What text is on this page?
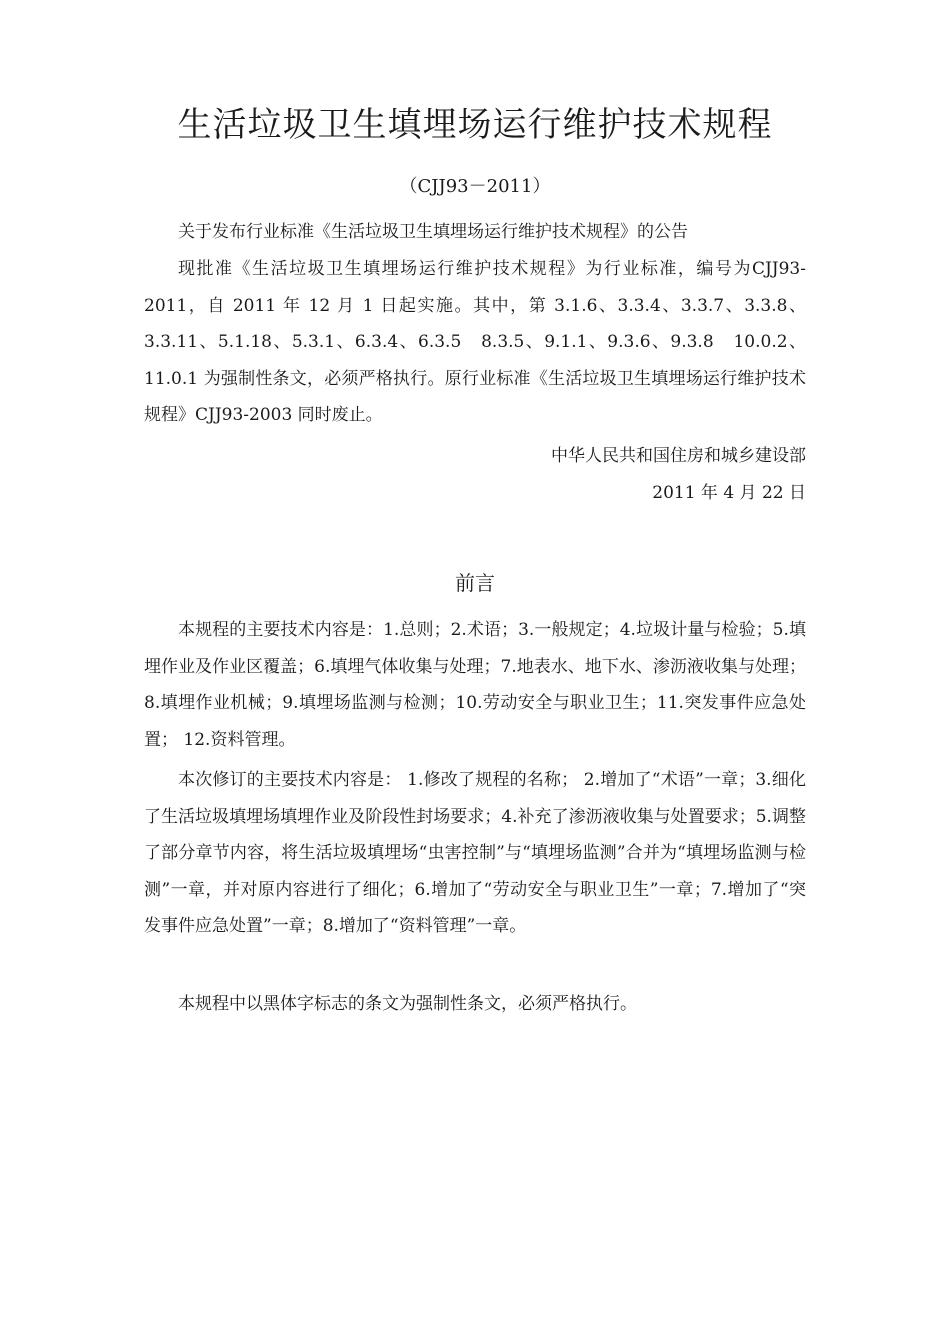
生活垃圾卫生填埋场运行维护技术规程
（CJJ93－2011）

关于发布行业标准《生活垃圾卫生填埋场运行维护技术规程》的公告

现批准《生活垃圾卫生填埋场运行维护技术规程》为行业标准，编号为CJJ93-2011，自 2011 年 12 月 1 日起实施。其中，第 3.1.6、3.3.4、3.3.7、3.3.8、3.3.11、5.1.18、5.3.1、6.3.4、6.3.5　8.3.5、9.1.1、9.3.6、9.3.8　10.0.2、11.0.1 为强制性条文，必须严格执行。原行业标准《生活垃圾卫生填埋场运行维护技术规程》CJJ93-2003 同时废止。

中华人民共和国住房和城乡建设部
2011 年 4 月 22 日
前言

本规程的主要技术内容是：1.总则；2.术语；3.一般规定；4.垃圾计量与检验；5.填埋作业及作业区覆盖；6.填埋气体收集与处理；7.地表水、地下水、渗沥液收集与处理；8.填埋作业机械；9.填埋场监测与检测；10.劳动安全与职业卫生；11.突发事件应急处置； 12.资料管理。

本次修订的主要技术内容是： 1.修改了规程的名称； 2.增加了“术语”一章；3.细化了生活垃圾填埋场填埋作业及阶段性封场要求；4.补充了渗沥液收集与处置要求；5.调整了部分章节内容，将生活垃圾填埋场“虫害控制”与“填埋场监测”合并为“填埋场监测与检测”一章，并对原内容进行了细化；6.增加了“劳动安全与职业卫生”一章；7.增加了“突发事件应急处置”一章；8.增加了“资料管理”一章。

本规程中以黑体字标志的条文为强制性条文，必须严格执行。
